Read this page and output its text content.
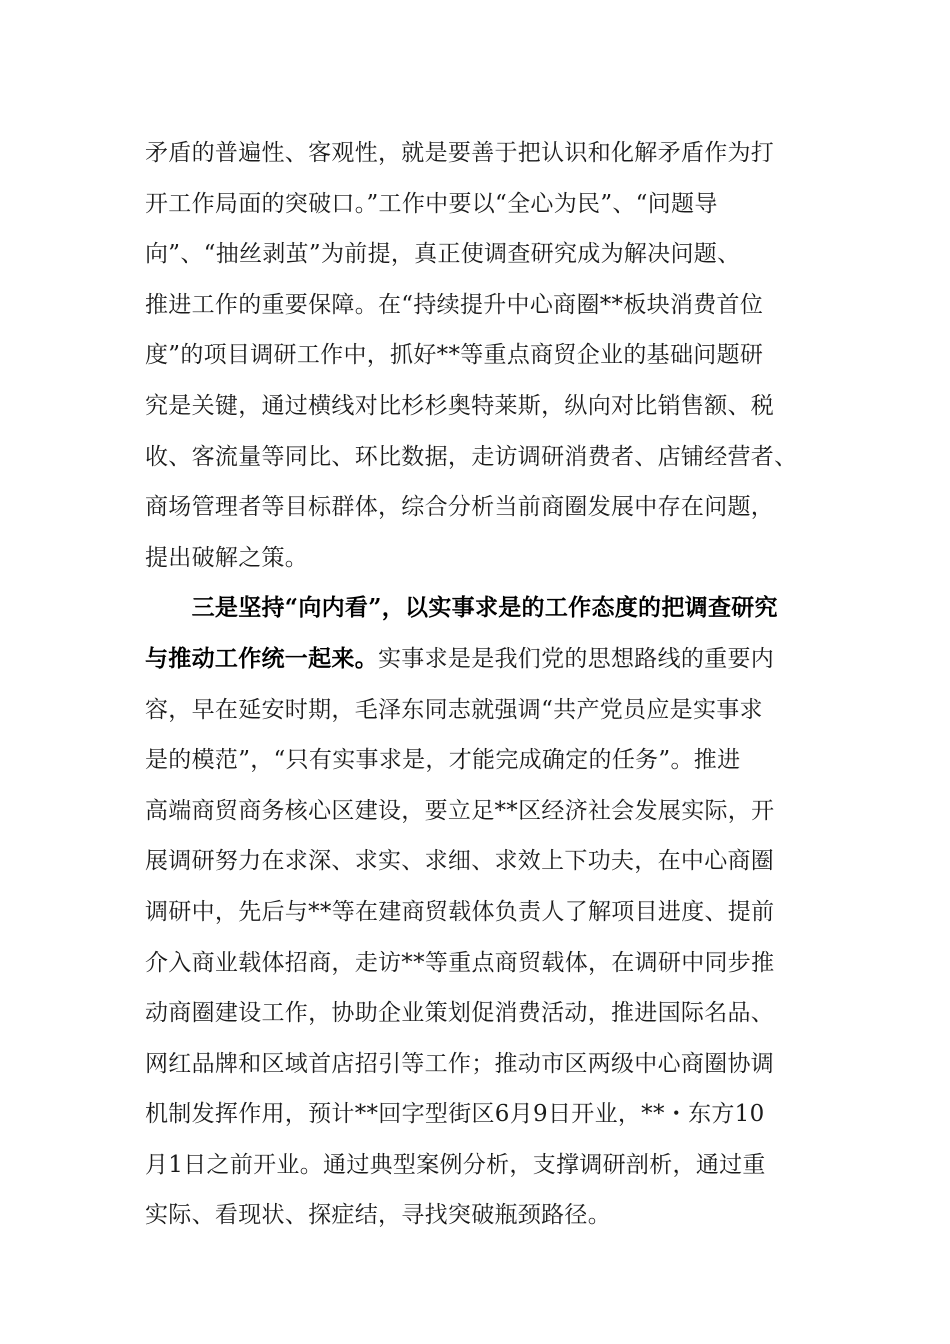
矛盾的普遍性、客观性，就是要善于把认识和化解矛盾作为打
开工作局面的突破口。”工作中要以“全心为民”、“问题导
向”、“抽丝剥茧”为前提，真正使调查研究成为解决问题、
推进工作的重要保障。在“持续提升中心商圈**板块消费首位
度”的项目调研工作中，抓好**等重点商贸企业的基础问题研
究是关键，通过横线对比杉杉奥特莱斯，纵向对比销售额、税
收、客流量等同比、环比数据，走访调研消费者、店铺经营者、
商场管理者等目标群体，综合分析当前商圈发展中存在问题，
提出破解之策。
　　三是坚持“向内看”，以实事求是的工作态度的把调查研究
与推动工作统一起来。实事求是是我们党的思想路线的重要内
容，早在延安时期，毛泽东同志就强调“共产党员应是实事求
是的模范”，“只有实事求是，才能完成确定的任务”。推进
高端商贸商务核心区建设，要立足**区经济社会发展实际，开
展调研努力在求深、求实、求细、求效上下功夫，在中心商圈
调研中，先后与**等在建商贸载体负责人了解项目进度、提前
介入商业载体招商，走访**等重点商贸载体，在调研中同步推
动商圈建设工作，协助企业策划促消费活动，推进国际名品、
网红品牌和区域首店招引等工作；推动市区两级中心商圈协调
机制发挥作用，预计**回字型街区6月9日开业，**・东方10
月1日之前开业。通过典型案例分析，支撑调研剖析，通过重
实际、看现状、探症结，寻找突破瓶颈路径。
